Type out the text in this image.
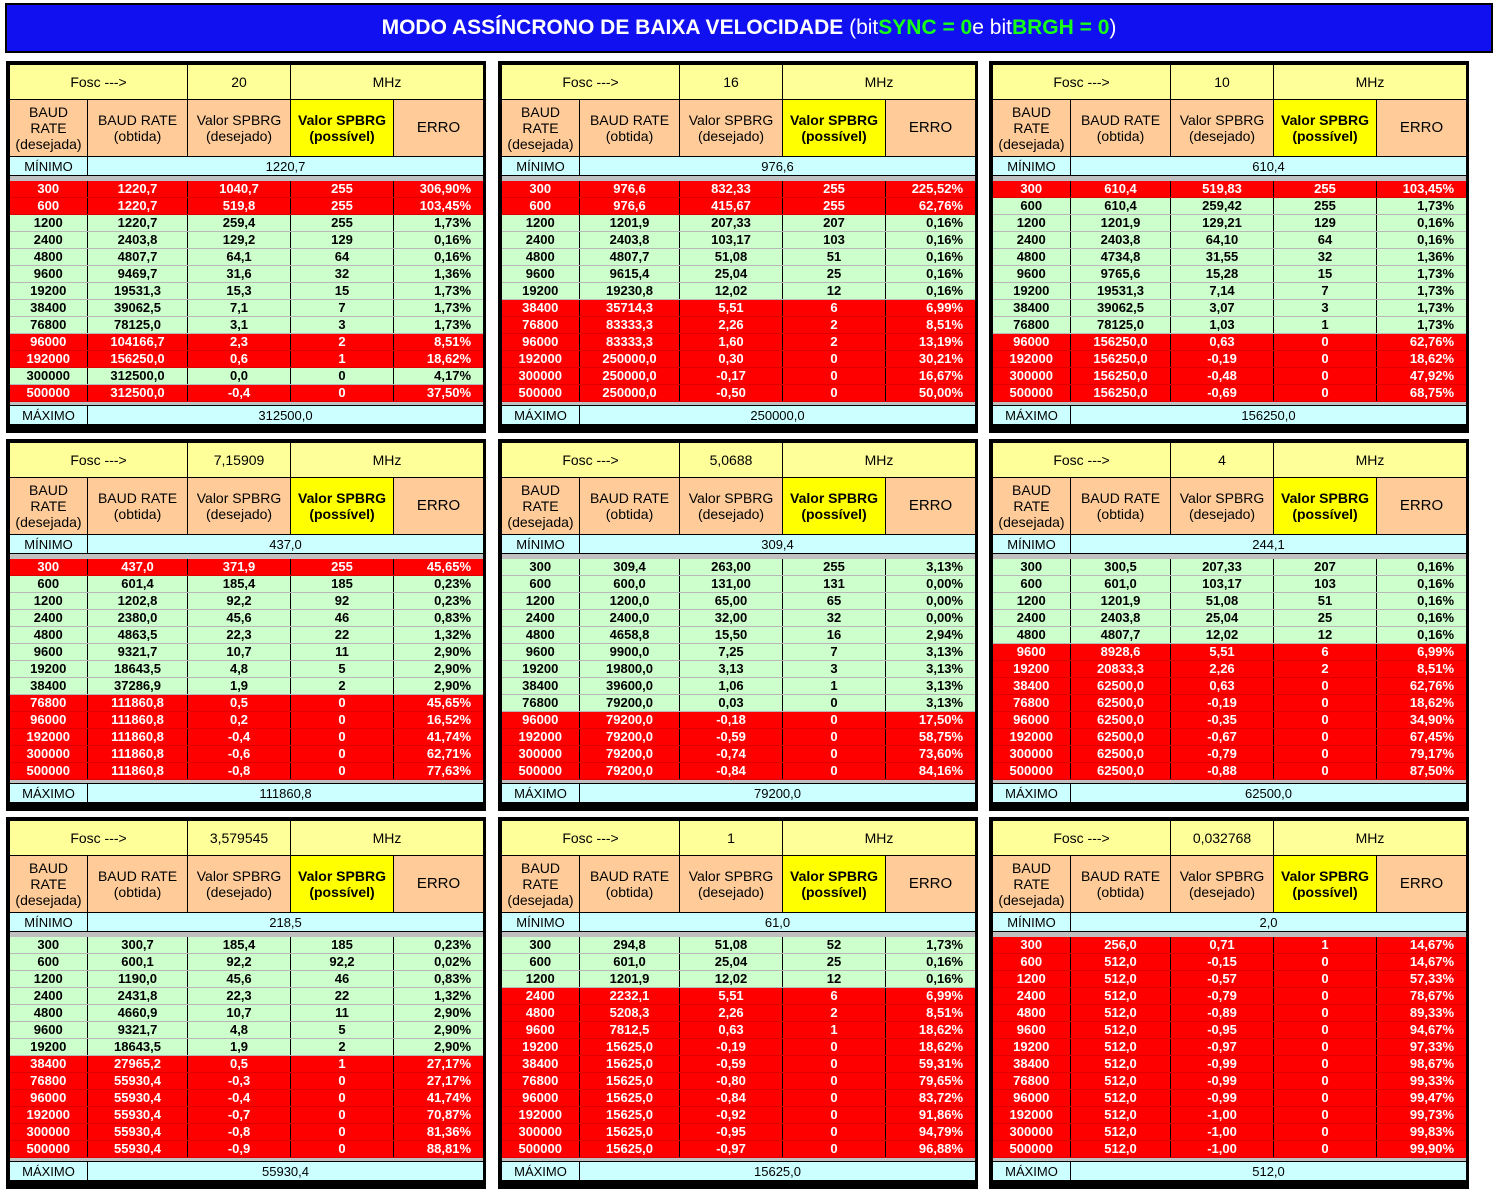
MODO ASSÍNCRONO DE BAIXA VELOCIDADE
(bit SYNC = 0 e bit BRGH = 0 )
Fosc --->		20	MHz	
BAUD RATE (desejada)	BAUD RATE (obtida)	Valor SPBRG (desejado)	Valor SPBRG (possível)	ERRO
MÍNIMO	1220,7			

300	1220,7	1040,7	255	306,90%
600	1220,7	519,8	255	103,45%
1200	1220,7	259,4	255	1,73%
2400	2403,8	129,2	129	0,16%
4800	4807,7	64,1	64	0,16%
9600	9469,7	31,6	32	1,36%
19200	19531,3	15,3	15	1,73%
38400	39062,5	7,1	7	1,73%
76800	78125,0	3,1	3	1,73%
96000	104166,7	2,3	2	8,51%
192000	156250,0	0,6	1	18,62%
300000	312500,0	0,0	0	4,17%
500000	312500,0	-0,4	0	37,50%

MÁXIMO	312500,0			
Fosc --->		16	MHz	
BAUD RATE (desejada)	BAUD RATE (obtida)	Valor SPBRG (desejado)	Valor SPBRG (possível)	ERRO
MÍNIMO	976,6			

300	976,6	832,33	255	225,52%
600	976,6	415,67	255	62,76%
1200	1201,9	207,33	207	0,16%
2400	2403,8	103,17	103	0,16%
4800	4807,7	51,08	51	0,16%
9600	9615,4	25,04	25	0,16%
19200	19230,8	12,02	12	0,16%
38400	35714,3	5,51	6	6,99%
76800	83333,3	2,26	2	8,51%
96000	83333,3	1,60	2	13,19%
192000	250000,0	0,30	0	30,21%
300000	250000,0	-0,17	0	16,67%
500000	250000,0	-0,50	0	50,00%

MÁXIMO	250000,0			
Fosc --->		10	MHz	
BAUD RATE (desejada)	BAUD RATE (obtida)	Valor SPBRG (desejado)	Valor SPBRG (possível)	ERRO
MÍNIMO	610,4			

300	610,4	519,83	255	103,45%
600	610,4	259,42	255	1,73%
1200	1201,9	129,21	129	0,16%
2400	2403,8	64,10	64	0,16%
4800	4734,8	31,55	32	1,36%
9600	9765,6	15,28	15	1,73%
19200	19531,3	7,14	7	1,73%
38400	39062,5	3,07	3	1,73%
76800	78125,0	1,03	1	1,73%
96000	156250,0	0,63	0	62,76%
192000	156250,0	-0,19	0	18,62%
300000	156250,0	-0,48	0	47,92%
500000	156250,0	-0,69	0	68,75%

MÁXIMO	156250,0			
Fosc --->		7,15909	MHz	
BAUD RATE (desejada)	BAUD RATE (obtida)	Valor SPBRG (desejado)	Valor SPBRG (possível)	ERRO
MÍNIMO	437,0			

300	437,0	371,9	255	45,65%
600	601,4	185,4	185	0,23%
1200	1202,8	92,2	92	0,23%
2400	2380,0	45,6	46	0,83%
4800	4863,5	22,3	22	1,32%
9600	9321,7	10,7	11	2,90%
19200	18643,5	4,8	5	2,90%
38400	37286,9	1,9	2	2,90%
76800	111860,8	0,5	0	45,65%
96000	111860,8	0,2	0	16,52%
192000	111860,8	-0,4	0	41,74%
300000	111860,8	-0,6	0	62,71%
500000	111860,8	-0,8	0	77,63%

MÁXIMO	111860,8			
Fosc --->		5,0688	MHz	
BAUD RATE (desejada)	BAUD RATE (obtida)	Valor SPBRG (desejado)	Valor SPBRG (possível)	ERRO
MÍNIMO	309,4			

300	309,4	263,00	255	3,13%
600	600,0	131,00	131	0,00%
1200	1200,0	65,00	65	0,00%
2400	2400,0	32,00	32	0,00%
4800	4658,8	15,50	16	2,94%
9600	9900,0	7,25	7	3,13%
19200	19800,0	3,13	3	3,13%
38400	39600,0	1,06	1	3,13%
76800	79200,0	0,03	0	3,13%
96000	79200,0	-0,18	0	17,50%
192000	79200,0	-0,59	0	58,75%
300000	79200,0	-0,74	0	73,60%
500000	79200,0	-0,84	0	84,16%

MÁXIMO	79200,0			
Fosc --->		4	MHz	
BAUD RATE (desejada)	BAUD RATE (obtida)	Valor SPBRG (desejado)	Valor SPBRG (possível)	ERRO
MÍNIMO	244,1			

300	300,5	207,33	207	0,16%
600	601,0	103,17	103	0,16%
1200	1201,9	51,08	51	0,16%
2400	2403,8	25,04	25	0,16%
4800	4807,7	12,02	12	0,16%
9600	8928,6	5,51	6	6,99%
19200	20833,3	2,26	2	8,51%
38400	62500,0	0,63	0	62,76%
76800	62500,0	-0,19	0	18,62%
96000	62500,0	-0,35	0	34,90%
192000	62500,0	-0,67	0	67,45%
300000	62500,0	-0,79	0	79,17%
500000	62500,0	-0,88	0	87,50%

MÁXIMO	62500,0			
Fosc --->		3,579545	MHz	
BAUD RATE (desejada)	BAUD RATE (obtida)	Valor SPBRG (desejado)	Valor SPBRG (possível)	ERRO
MÍNIMO	218,5			

300	300,7	185,4	185	0,23%
600	600,1	92,2	92,2	0,02%
1200	1190,0	45,6	46	0,83%
2400	2431,8	22,3	22	1,32%
4800	4660,9	10,7	11	2,90%
9600	9321,7	4,8	5	2,90%
19200	18643,5	1,9	2	2,90%
38400	27965,2	0,5	1	27,17%
76800	55930,4	-0,3	0	27,17%
96000	55930,4	-0,4	0	41,74%
192000	55930,4	-0,7	0	70,87%
300000	55930,4	-0,8	0	81,36%
500000	55930,4	-0,9	0	88,81%

MÁXIMO	55930,4			
Fosc --->		1	MHz	
BAUD RATE (desejada)	BAUD RATE (obtida)	Valor SPBRG (desejado)	Valor SPBRG (possível)	ERRO
MÍNIMO	61,0			

300	294,8	51,08	52	1,73%
600	601,0	25,04	25	0,16%
1200	1201,9	12,02	12	0,16%
2400	2232,1	5,51	6	6,99%
4800	5208,3	2,26	2	8,51%
9600	7812,5	0,63	1	18,62%
19200	15625,0	-0,19	0	18,62%
38400	15625,0	-0,59	0	59,31%
76800	15625,0	-0,80	0	79,65%
96000	15625,0	-0,84	0	83,72%
192000	15625,0	-0,92	0	91,86%
300000	15625,0	-0,95	0	94,79%
500000	15625,0	-0,97	0	96,88%

MÁXIMO	15625,0			
Fosc --->		0,032768	MHz	
BAUD RATE (desejada)	BAUD RATE (obtida)	Valor SPBRG (desejado)	Valor SPBRG (possível)	ERRO
MÍNIMO	2,0			

300	256,0	0,71	1	14,67%
600	512,0	-0,15	0	14,67%
1200	512,0	-0,57	0	57,33%
2400	512,0	-0,79	0	78,67%
4800	512,0	-0,89	0	89,33%
9600	512,0	-0,95	0	94,67%
19200	512,0	-0,97	0	97,33%
38400	512,0	-0,99	0	98,67%
76800	512,0	-0,99	0	99,33%
96000	512,0	-0,99	0	99,47%
192000	512,0	-1,00	0	99,73%
300000	512,0	-1,00	0	99,83%
500000	512,0	-1,00	0	99,90%

MÁXIMO	512,0			
